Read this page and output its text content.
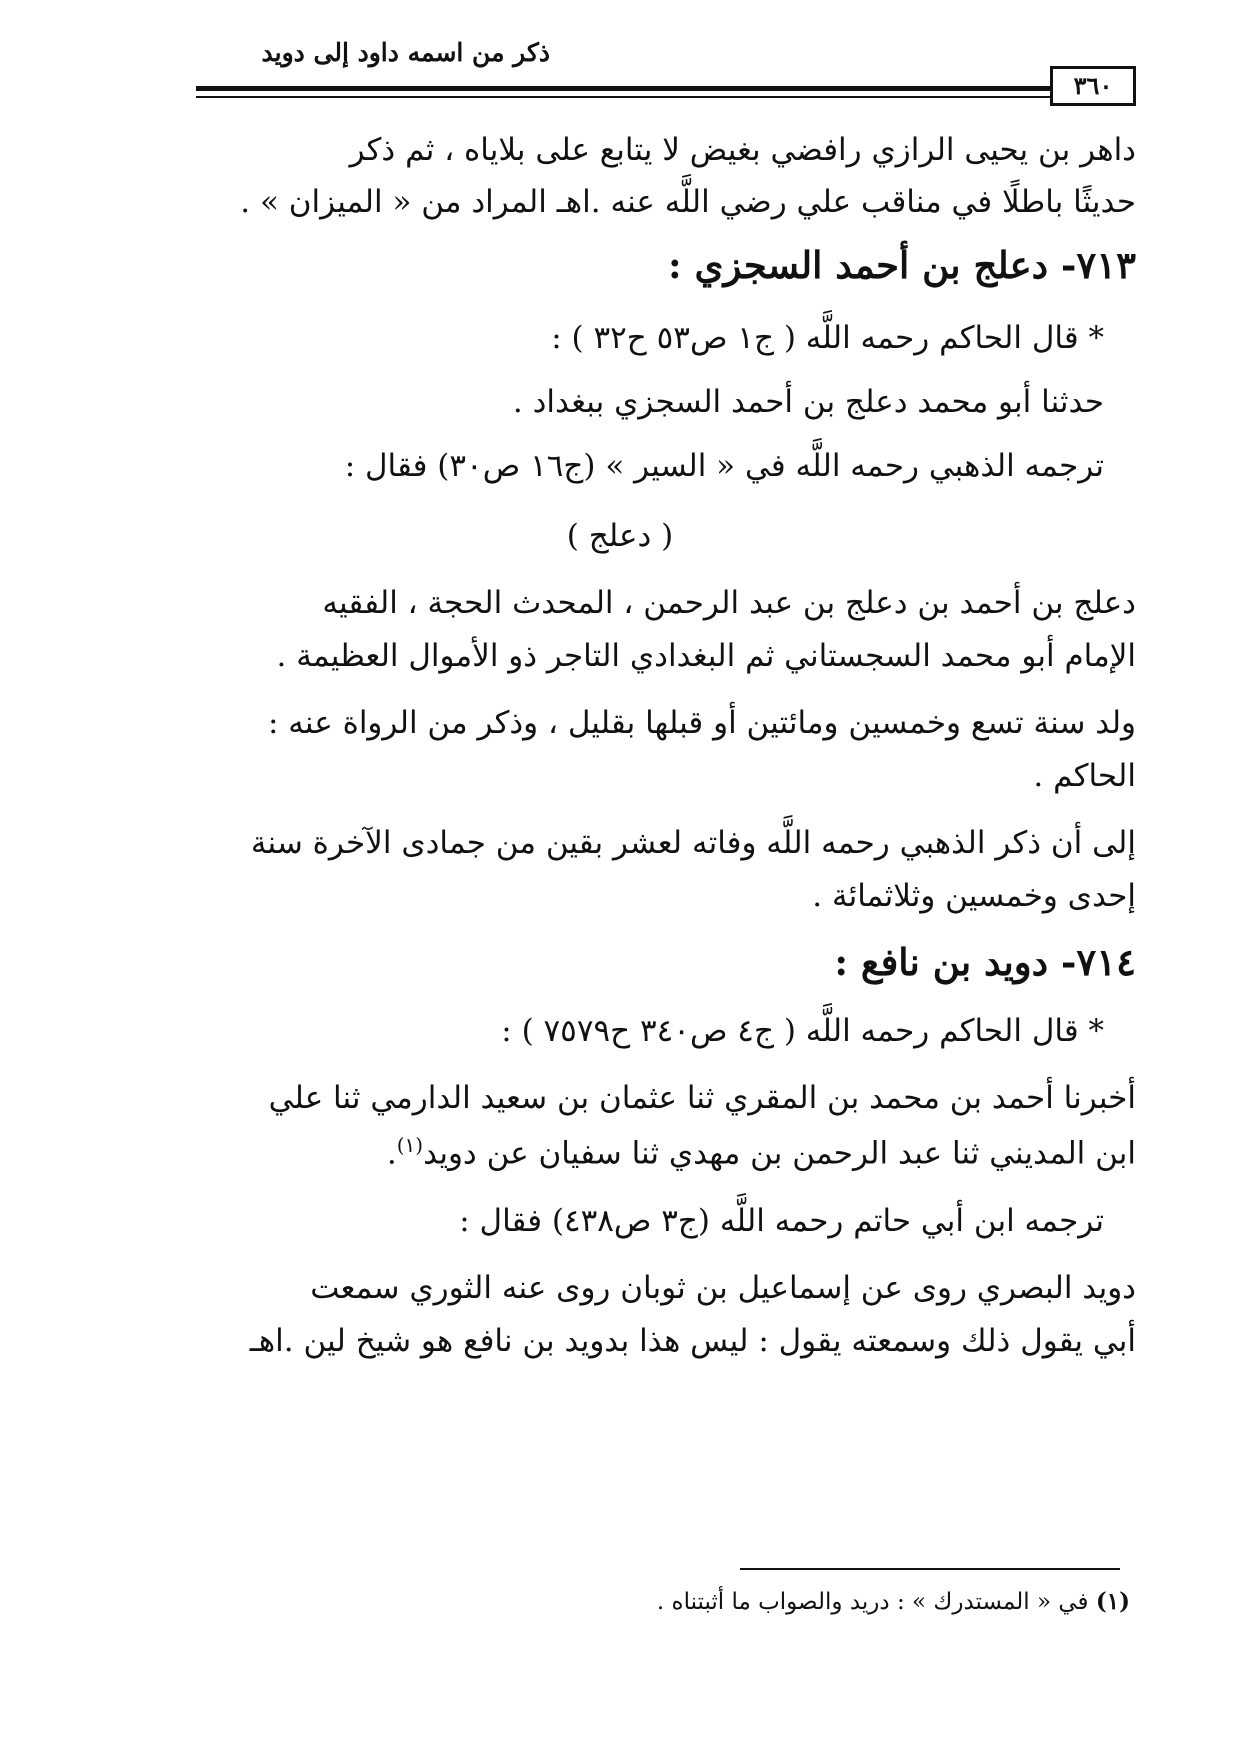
ذكر من اسمه داود إلى دويد
٣٦٠
داهر بن يحيى الرازي رافضي بغيض لا يتابع على بلاياه ، ثم ذكر
حديثًا باطلًا في مناقب علي رضي اللَّه عنه .اهـ المراد من « الميزان » .
٧١٣- دعلج بن أحمد السجزي :
* قال الحاكم رحمه اللَّه ( ج١ ص٥٣ ح٣٢ ) :
حدثنا أبو محمد دعلج بن أحمد السجزي ببغداد .
ترجمه الذهبي رحمه اللَّه في « السير » (ج١٦ ص٣٠) فقال :
( دعلج )
دعلج بن أحمد بن دعلج بن عبد الرحمن ، المحدث الحجة ، الفقيه
الإمام أبو محمد السجستاني ثم البغدادي التاجر ذو الأموال العظيمة .
ولد سنة تسع وخمسين ومائتين أو قبلها بقليل ، وذكر من الرواة عنه :
الحاكم .
إلى أن ذكر الذهبي رحمه اللَّه وفاته لعشر بقين من جمادى الآخرة سنة
إحدى وخمسين وثلاثمائة .
٧١٤- دويد بن نافع :
* قال الحاكم رحمه اللَّه ( ج٤ ص٣٤٠ ح٧٥٧٩ ) :
أخبرنا أحمد بن محمد بن المقري ثنا عثمان بن سعيد الدارمي ثنا علي
ابن المديني ثنا عبد الرحمن بن مهدي ثنا سفيان عن دويد$^{(١)}$.
ترجمه ابن أبي حاتم رحمه اللَّه (ج٣ ص٤٣٨) فقال :
دويد البصري روى عن إسماعيل بن ثوبان روى عنه الثوري سمعت
أبي يقول ذلك وسمعته يقول : ليس هذا بدويد بن نافع هو شيخ لين .اهـ
(١) في « المستدرك » : دريد والصواب ما أثبتناه .
